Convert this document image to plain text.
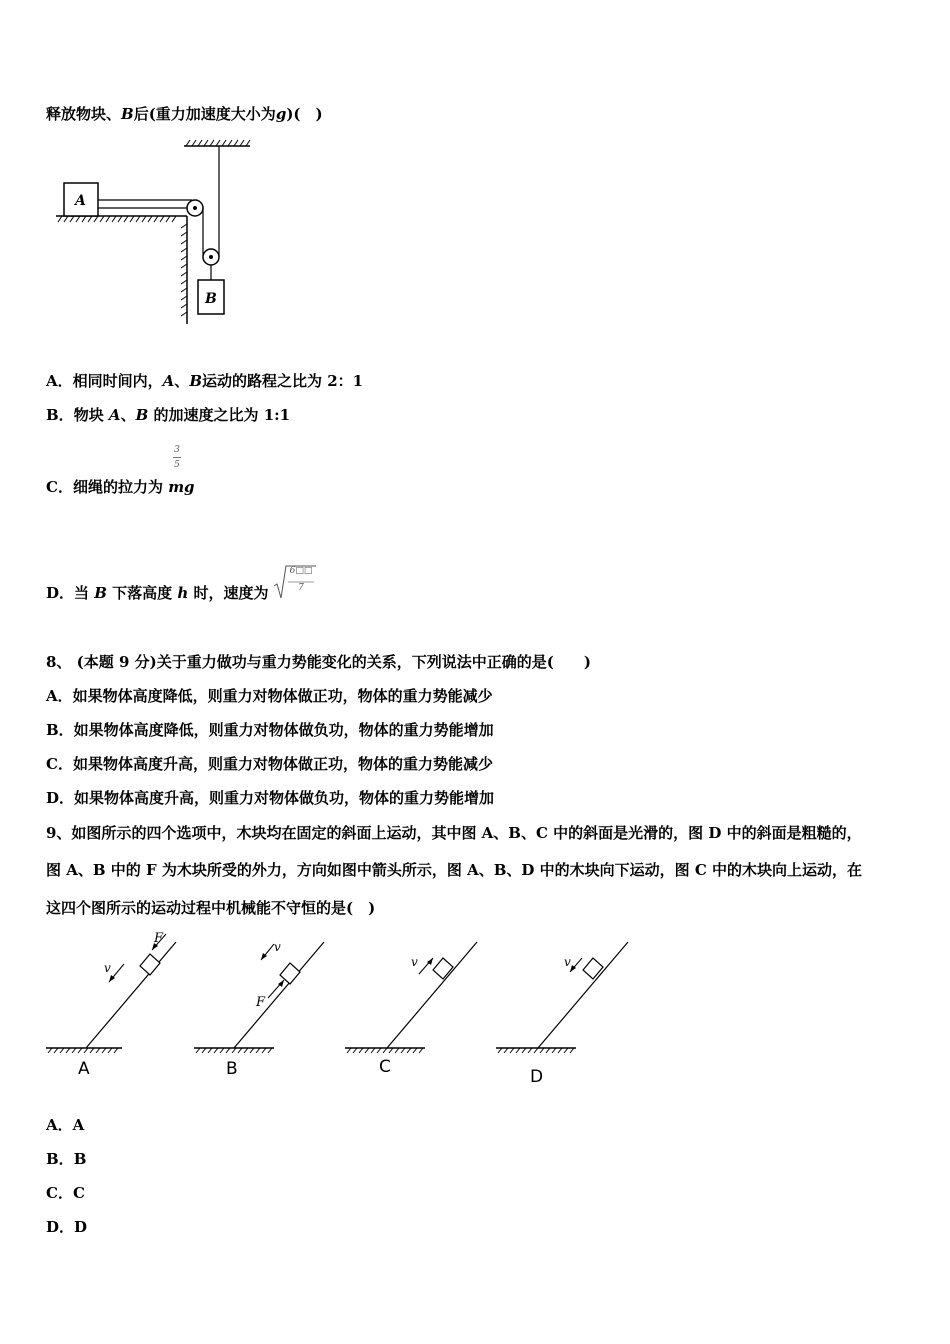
释放物块、B后(重力加速度大小为g)(　)
A
B
A．相同时间内，A、B运动的路程之比为 2：1
B．物块 A、B 的加速度之比为 1:1
3
5
C．细绳的拉力为 mg
D．当 B 下落高度 h 时，速度为
6□□
7
8、 (本题 9 分)关于重力做功与重力势能变化的关系，下列说法中正确的是(　　)
A．如果物体高度降低，则重力对物体做正功，物体的重力势能减少
B．如果物体高度降低，则重力对物体做负功，物体的重力势能增加
C．如果物体高度升高，则重力对物体做正功，物体的重力势能减少
D．如果物体高度升高，则重力对物体做负功，物体的重力势能增加
9、如图所示的四个选项中，木块均在固定的斜面上运动，其中图 A、B、C 中的斜面是光滑的，图 D 中的斜面是粗糙的，
图 A、B 中的 F 为木块所受的外力，方向如图中箭头所示，图 A、B、D 中的木块向下运动，图 C 中的木块向上运动，在
这四个图所示的运动过程中机械能不守恒的是(　)
v
F
A
v
F
B
v
C
v
D
A．A
B．B
C．C
D．D
